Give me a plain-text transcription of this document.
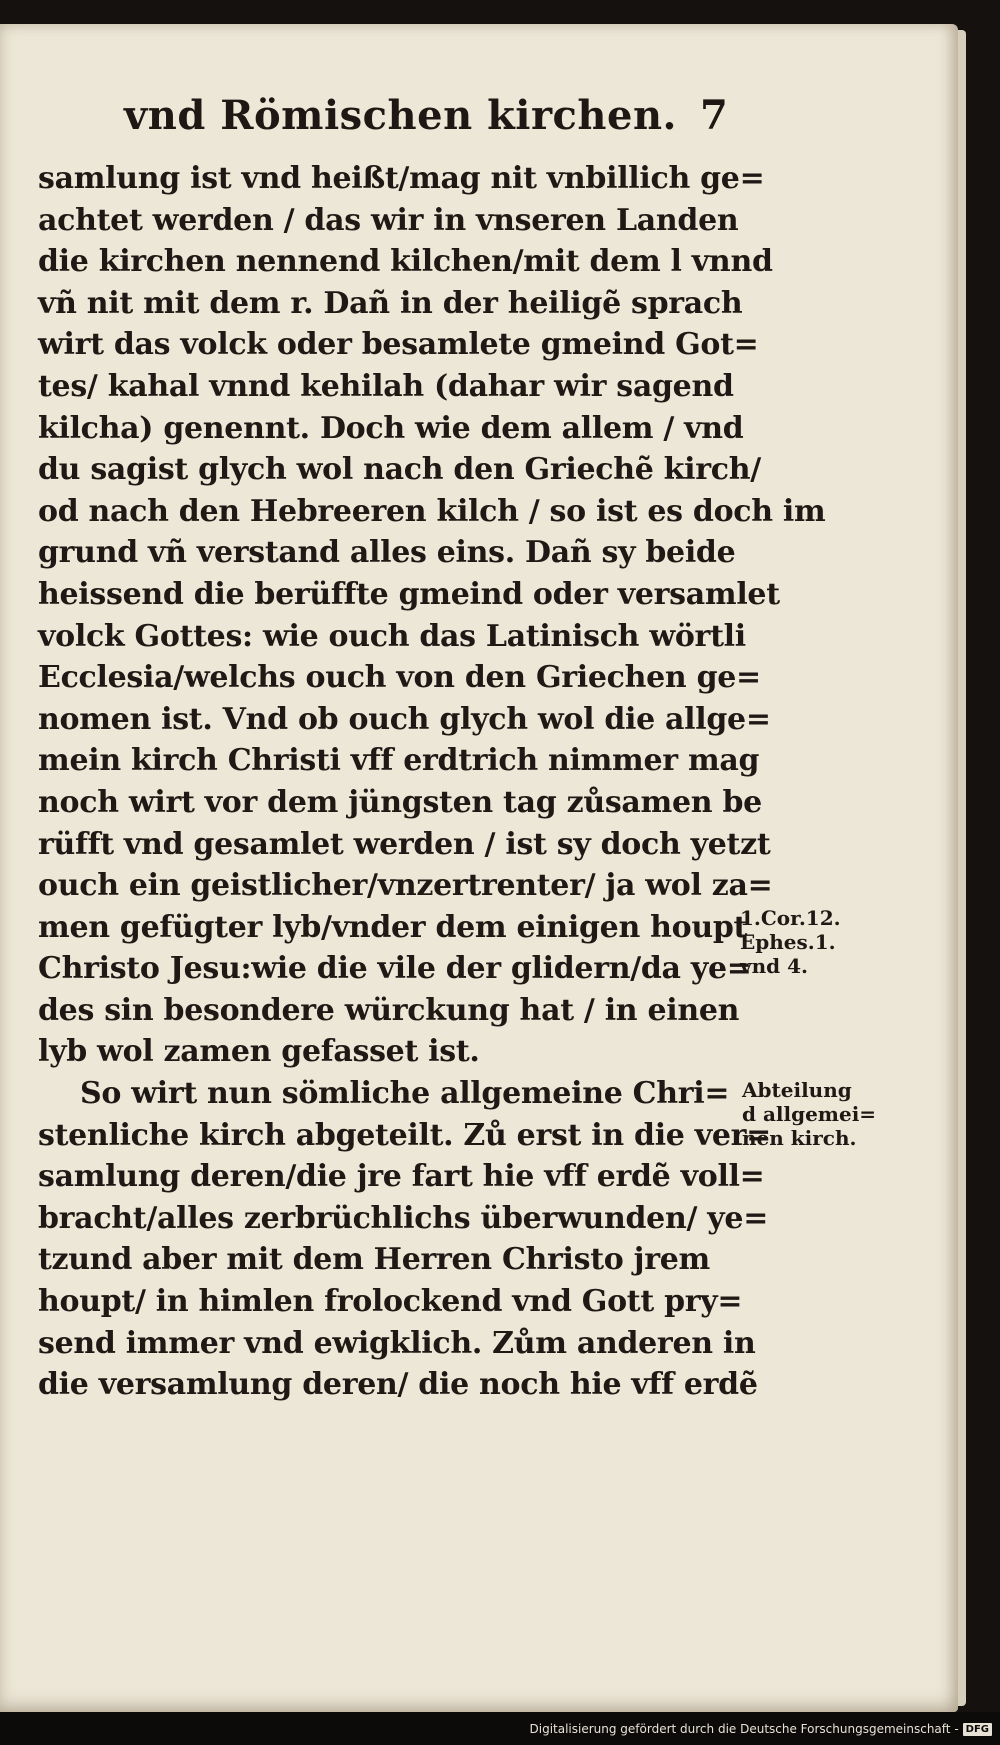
vnd Römischen kirchen. 7
samlung ist vnd heißt/mag nit vnbillich ge=
achtet werden / das wir in vnseren Landen
die kirchen nennend kilchen/mit dem l vnnd
vñ nit mit dem r. Dañ in der heiligẽ sprach
wirt das volck oder besamlete gmeind Got=
tes/ kahal vnnd kehilah (dahar wir sagend
kilcha) genennt. Doch wie dem allem / vnd
du sagist glych wol nach den Griechẽ kirch/
od nach den Hebreeren kilch / so ist es doch im
grund vñ verstand alles eins. Dañ sy beide
heissend die berüffte gmeind oder versamlet
volck Gottes: wie ouch das Latinisch wörtli
Ecclesia/welchs ouch von den Griechen ge=
nomen ist. Vnd ob ouch glych wol die allge=
mein kirch Christi vff erdtrich nimmer mag
noch wirt vor dem jüngsten tag zůsamen be
rüfft vnd gesamlet werden / ist sy doch yetzt
ouch ein geistlicher/vnzertrenter/ ja wol za=
men gefügter lyb/vnder dem einigen houpt
Christo Jesu:wie die vile der glidern/da ye=
des sin besondere würckung hat / in einen
lyb wol zamen gefasset ist.
So wirt nun sömliche allgemeine Chri=
stenliche kirch abgeteilt. Zů erst in die ver=
samlung deren/die jre fart hie vff erdẽ voll=
bracht/alles zerbrüchlichs überwunden/ ye=
tzund aber mit dem Herren Christo jrem
houpt/ in himlen frolockend vnd Gott pry=
send immer vnd ewigklich. Zům anderen in
die versamlung deren/ die noch hie vff erdẽ
1.Cor.12.
Ephes.1.
vnd 4.
Abteilung
d allgemei=
nen kirch.
Digitalisierung gefördert durch die Deutsche Forschungsgemeinschaft - DFG
